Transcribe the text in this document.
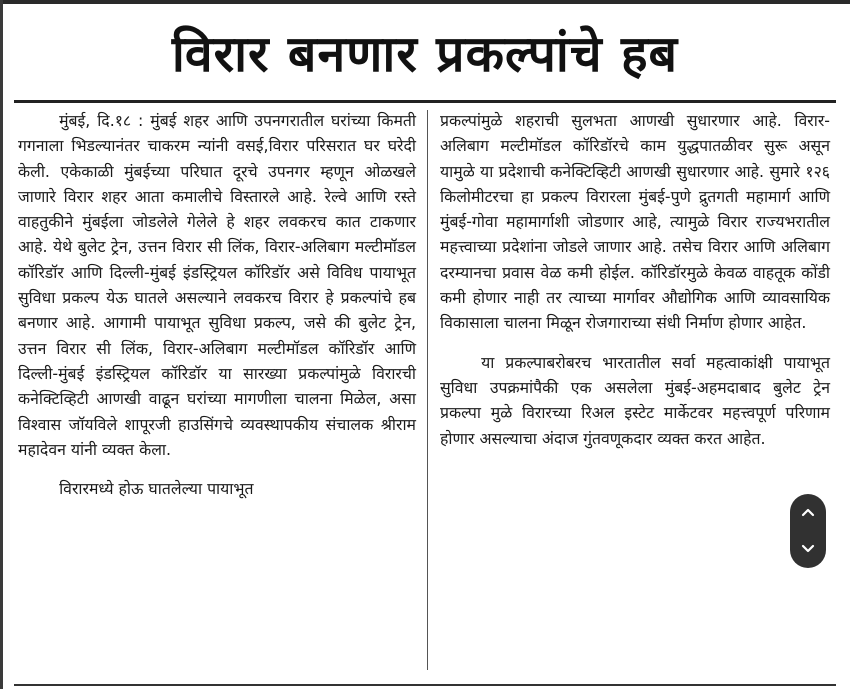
विरार बनणार प्रकल्पांचे हब

मुंबई, दि.१८ : मुंबई शहर आणि उपनगरातील घरांच्या किमती गगनाला भिडल्यानंतर चाकरम न्यांनी वसई,विरार परिसरात घर घरेदी केली. एकेकाळी मुंबईच्या परिघात दूरचे उपनगर म्हणून ओळखले जाणारे विरार शहर आता कमालीचे विस्तारले आहे. रेल्वे आणि रस्ते वाहतुकीने मुंबईला जोडलेले गेलेले हे शहर लवकरच कात टाकणार आहे. येथे बुलेट ट्रेन, उत्तन विरार सी लिंक, विरार-अलिबाग मल्टीमॉडल कॉरिडॉर आणि दिल्ली-मुंबई इंडस्ट्रियल कॉरिडॉर असे विविध पायाभूत सुविधा प्रकल्प येऊ घातले असल्याने लवकरच विरार हे प्रकल्पांचे हब बनणार आहे. आगामी पायाभूत सुविधा प्रकल्प, जसे की बुलेट ट्रेन, उत्तन विरार सी लिंक, विरार-अलिबाग मल्टीमॉडल कॉरिडॉर आणि दिल्ली-मुंबई इंडस्ट्रियल कॉरिडॉर या सारख्या प्रकल्पांमुळे विरारची कनेक्टिव्हिटी आणखी वाढून घरांच्या मागणीला चालना मिळेल, असा विश्वास जॉयविले शापूरजी हाउसिंगचे व्यवस्थापकीय संचालक श्रीराम महादेवन यांनी व्यक्त केला.

विरारमध्ये होऊ घातलेल्या पायाभूत

प्रकल्पांमुळे शहराची सुलभता आणखी सुधारणार आहे. विरार-अलिबाग मल्टीमॉडल कॉरिडॉरचे काम युद्धपातळीवर सुरू असून यामुळे या प्रदेशाची कनेक्टिव्हिटी आणखी सुधारणार आहे. सुमारे १२६ किलोमीटरचा हा प्रकल्प विरारला मुंबई-पुणे द्रुतगती महामार्ग आणि मुंबई-गोवा महामार्गाशी जोडणार आहे, त्यामुळे विरार राज्यभरातील महत्त्वाच्या प्रदेशांना जोडले जाणार आहे. तसेच विरार आणि अलिबाग दरम्यानचा प्रवास वेळ कमी होईल. कॉरिडॉरमुळे केवळ वाहतूक कोंडी कमी होणार नाही तर त्याच्या मार्गावर औद्योगिक आणि व्यावसायिक विकासाला चालना मिळून रोजगाराच्या संधी निर्माण होणार आहेत.

या प्रकल्पाबरोबरच भारतातील सर्वा महत्वाकांक्षी पायाभूत सुविधा उपक्रमांपैकी एक असलेला मुंबई-अहमदाबाद बुलेट ट्रेन प्रकल्पा मुळे विरारच्या रिअल इस्टेट मार्केटवर महत्त्वपूर्ण परिणाम होणार असल्याचा अंदाज गुंतवणूकदार व्यक्त करत आहेत.
